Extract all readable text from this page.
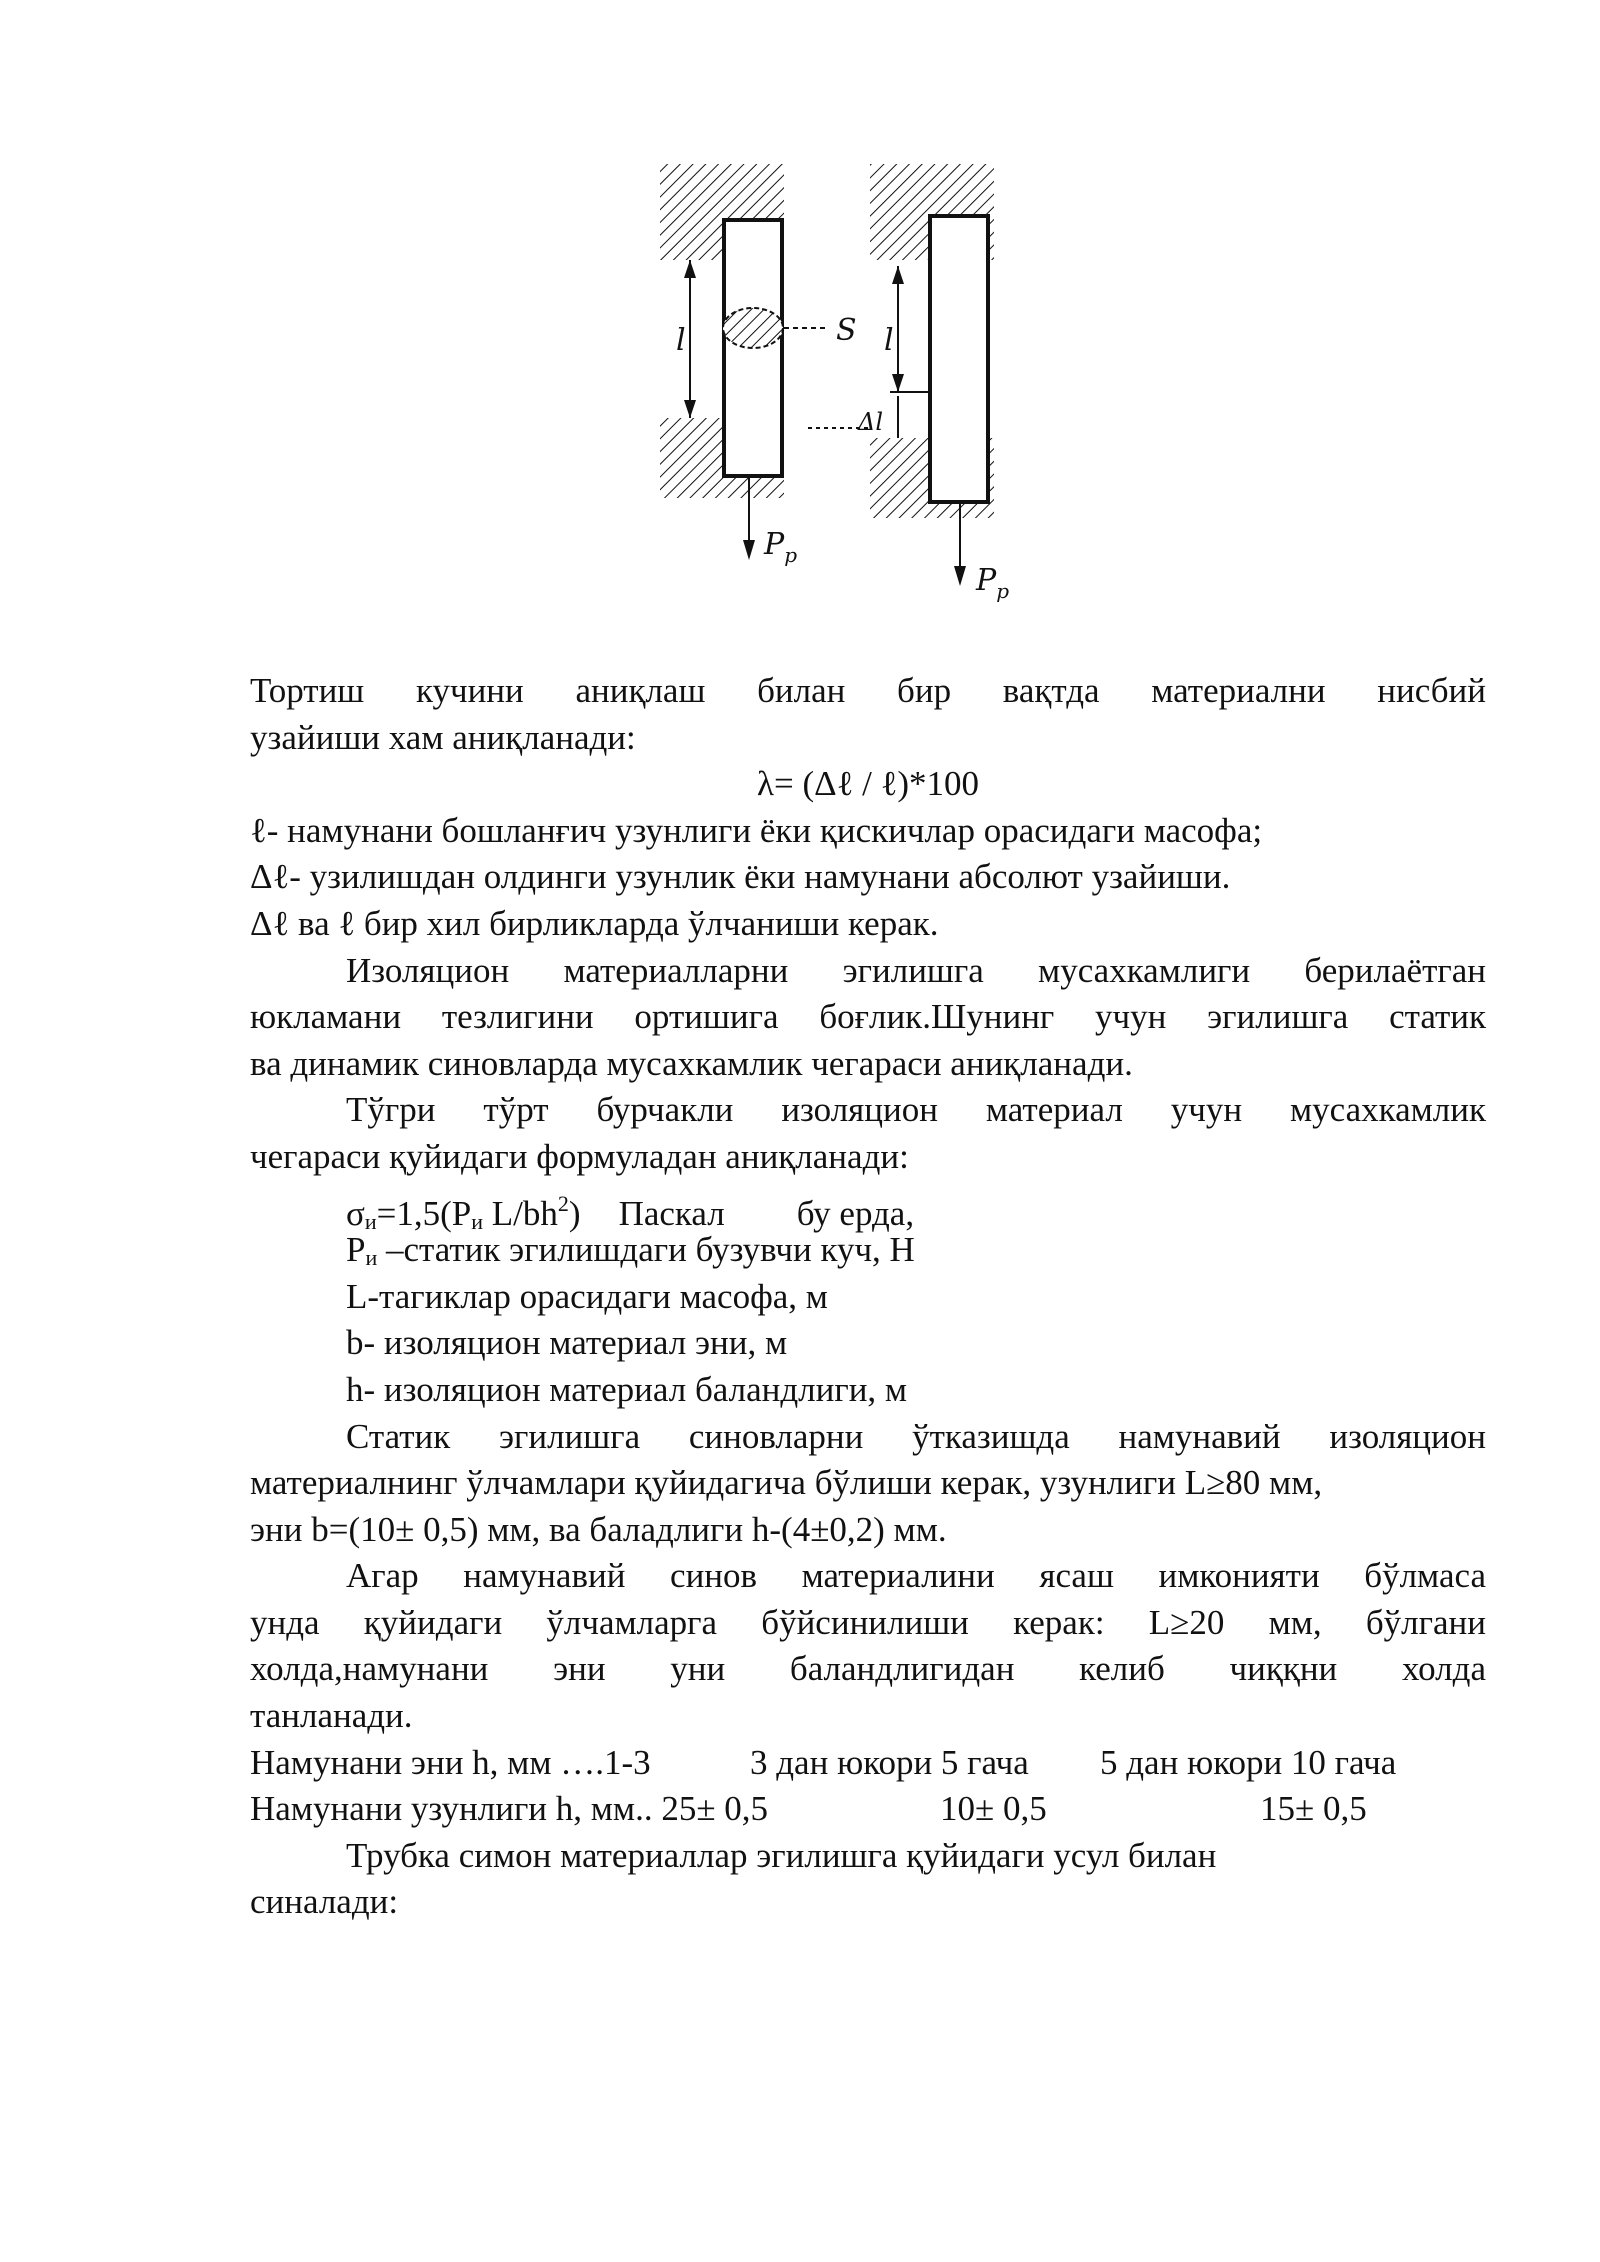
S
l
$P_p$
l
Δl
$P_p$
Тортиш кучини аниқлаш билан бир вақтда материални нисбий
узайиши хам аниқланади:
λ= (Δℓ / ℓ)*100
ℓ- намунани бошланғич узунлиги ёки қискичлар орасидаги масофа;
Δℓ- узилишдан олдинги узунлик ёки намунани абсолют узайиши.
Δℓ ва ℓ бир хил бирликларда ўлчаниши керак.
Изоляцион материалларни эгилишга мусахкамлиги берилаётган
юкламани тезлигини ортишига боғлик.Шунинг учун эгилишга статик
ва динамик синовларда мусахкамлик чегараси аниқланади.
Тўгри тўрт бурчакли изоляцион материал учун мусахкамлик
чегараси қуйидаги формуладан аниқланади:
σи=1,5(Pи $L/bh^2$) Паскал бу ерда,
Pи –статик эгилишдаги бузувчи куч, Н
L-тагиклар орасидаги масофа, м
b- изоляцион материал эни, м
h- изоляцион материал баландлиги, м
Статик эгилишга синовларни ўтказишда намунавий изоляцион
материалнинг ўлчамлари қуйидагича бўлиши керак, узунлиги L≥80 мм,
эни b=(10± 0,5) мм, ва баладлиги h-(4±0,2) мм.
Агар намунавий синов материалини ясаш имконияти бўлмаса
унда қуйидаги ўлчамларга бўйсинилиши керак: L≥20 мм, бўлгани
холда,намунани эни уни баландлигидан келиб чиққни холда
танланади.
Намунани эни h, мм ….1-3	3 дан юкори 5 гача 5 дан юкори 10 гача
Намунани узунлиги h, мм.. 25± 0,5	10± 0,5	15± 0,5
Трубка симон материаллар эгилишга қуйидаги усул билан
синалади:
